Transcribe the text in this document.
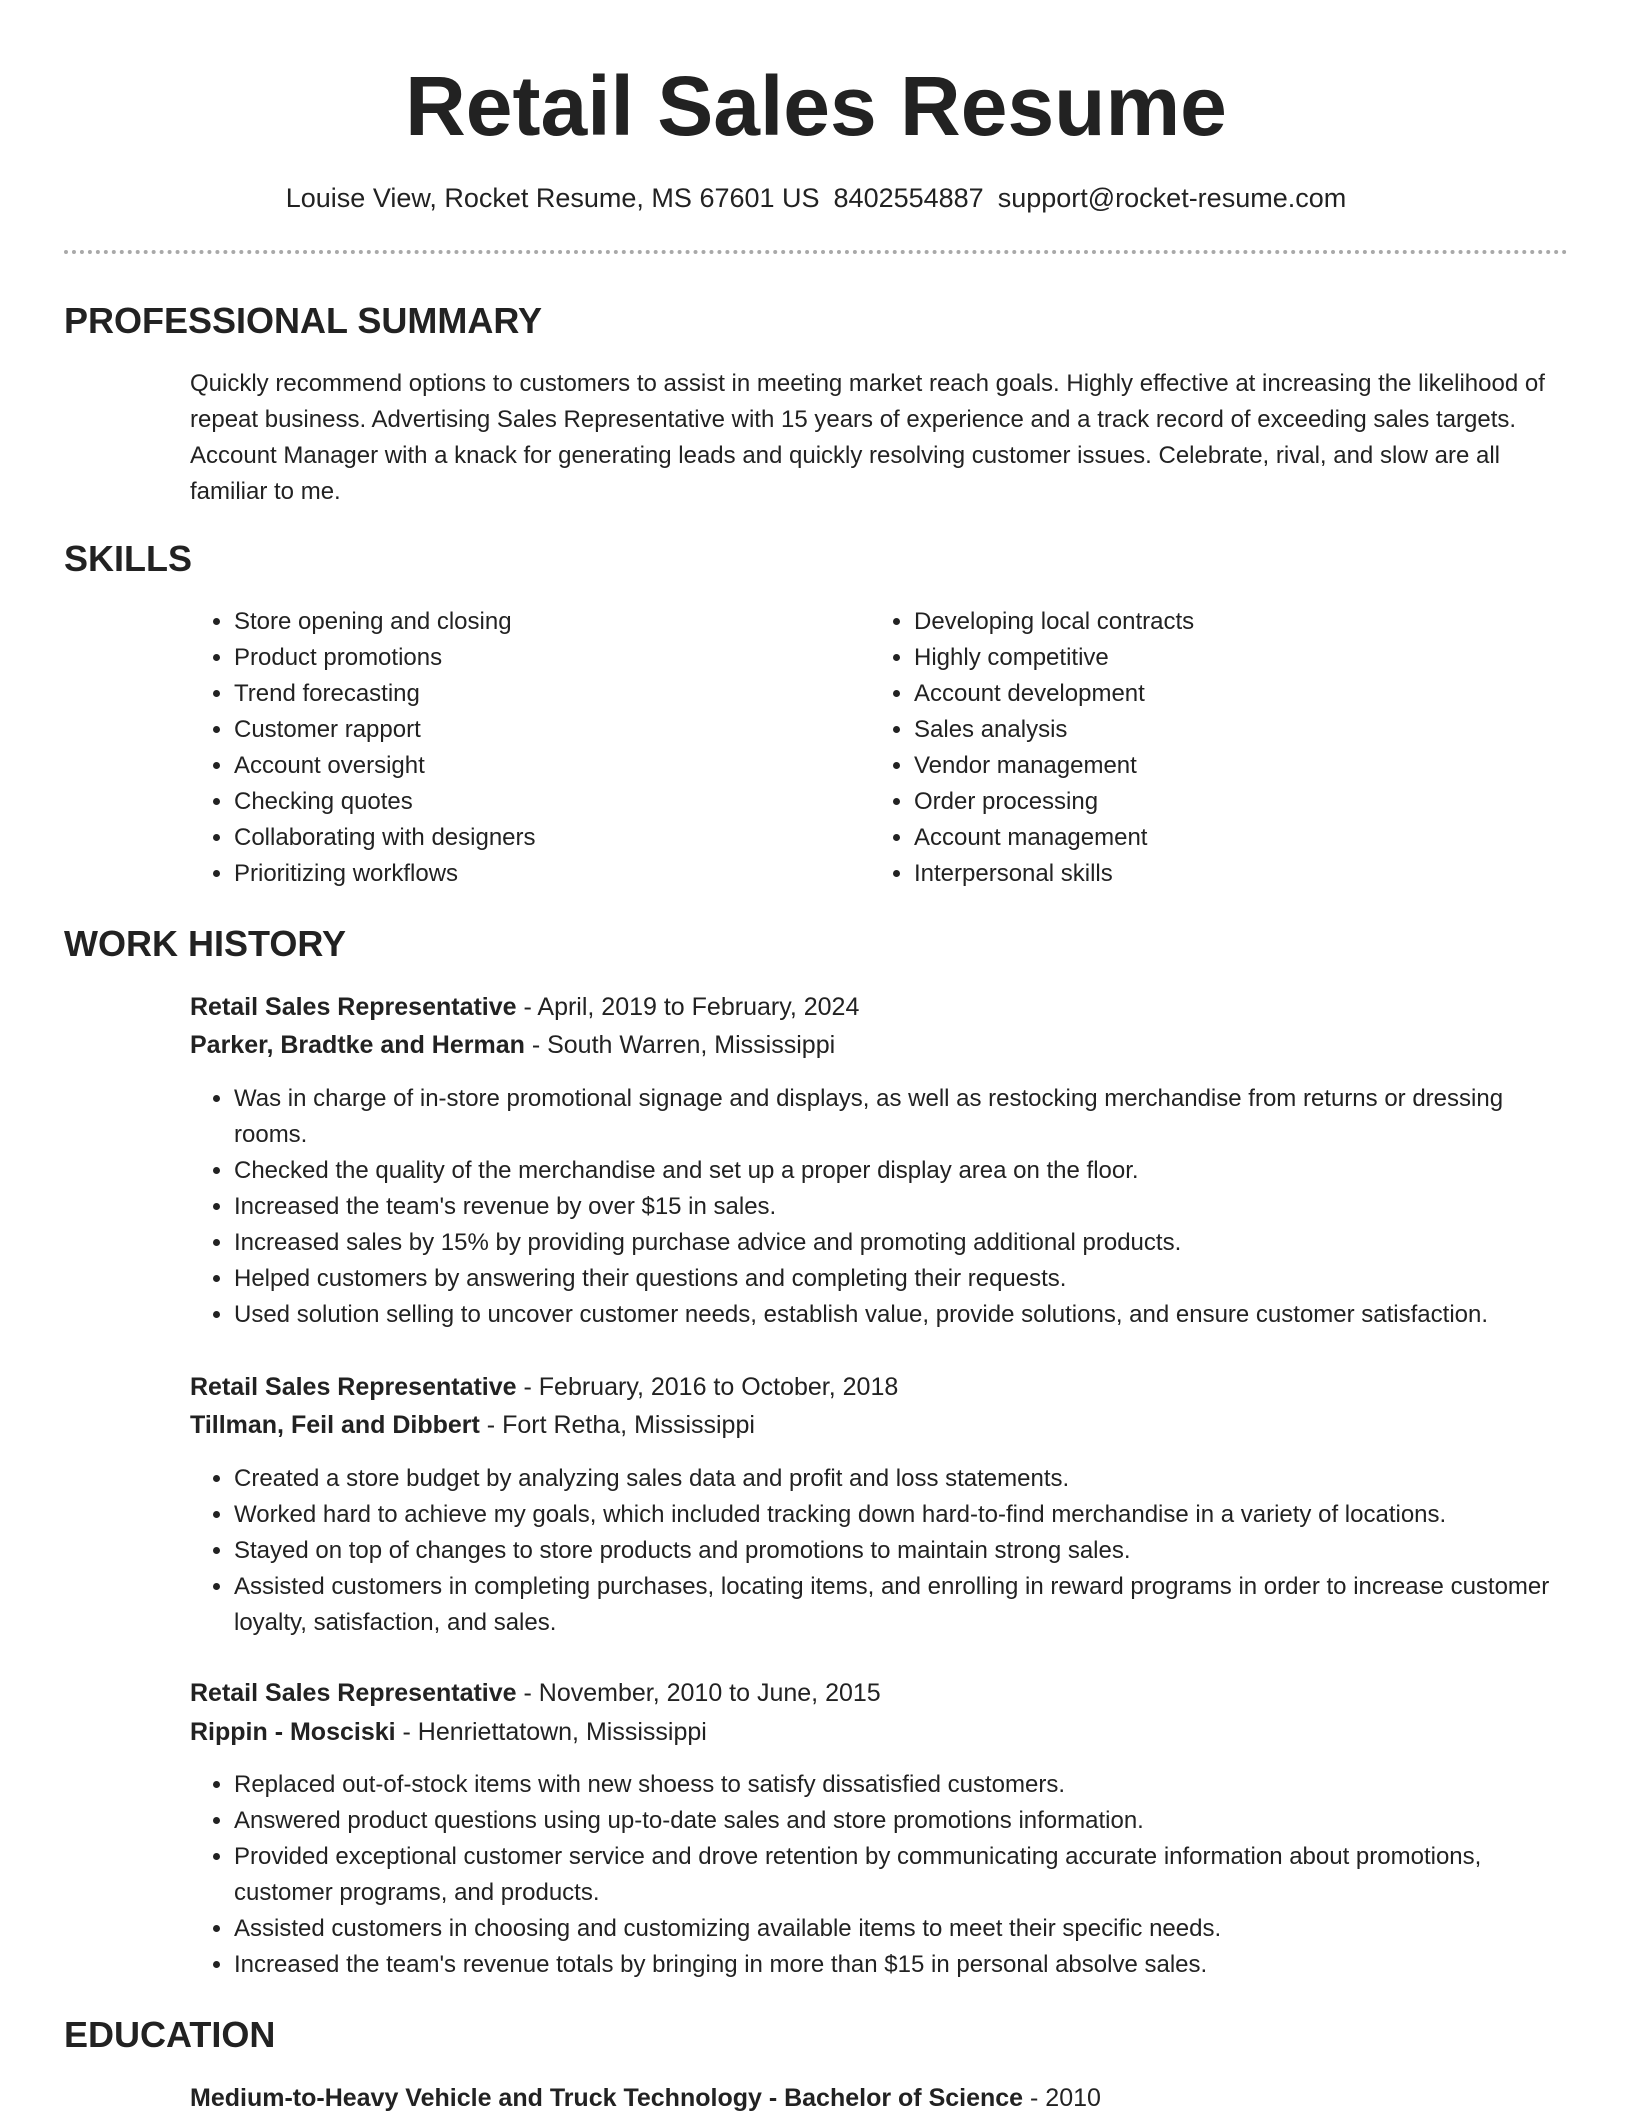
Retail Sales Resume
Louise View, Rocket Resume, MS 67601 US 8402554887 support@rocket-resume.com
PROFESSIONAL SUMMARY

Quickly recommend options to customers to assist in meeting market reach goals. Highly effective at increasing the likelihood of repeat business. Advertising Sales Representative with 15 years of experience and a track record of exceeding sales targets. Account Manager with a knack for generating leads and quickly resolving customer issues. Celebrate, rival, and slow are all familiar to me.

SKILLS
• Store opening and closing
• Product promotions
• Trend forecasting
• Customer rapport
• Account oversight
• Checking quotes
• Collaborating with designers
• Prioritizing workflows
• Developing local contracts
• Highly competitive
• Account development
• Sales analysis
• Vendor management
• Order processing
• Account management
• Interpersonal skills
WORK HISTORY
Retail Sales Representative - April, 2019 to February, 2024
Parker, Bradtke and Herman - South Warren, Mississippi
• Was in charge of in-store promotional signage and displays, as well as restocking merchandise from returns or dressing rooms.
• Checked the quality of the merchandise and set up a proper display area on the floor.
• Increased the team's revenue by over $15 in sales.
• Increased sales by 15% by providing purchase advice and promoting additional products.
• Helped customers by answering their questions and completing their requests.
• Used solution selling to uncover customer needs, establish value, provide solutions, and ensure customer satisfaction.
Retail Sales Representative - February, 2016 to October, 2018
Tillman, Feil and Dibbert - Fort Retha, Mississippi
• Created a store budget by analyzing sales data and profit and loss statements.
• Worked hard to achieve my goals, which included tracking down hard-to-find merchandise in a variety of locations.
• Stayed on top of changes to store products and promotions to maintain strong sales.
• Assisted customers in completing purchases, locating items, and enrolling in reward programs in order to increase customer loyalty, satisfaction, and sales.
Retail Sales Representative - November, 2010 to June, 2015
Rippin - Mosciski - Henriettatown, Mississippi
• Replaced out-of-stock items with new shoess to satisfy dissatisfied customers.
• Answered product questions using up-to-date sales and store promotions information.
• Provided exceptional customer service and drove retention by communicating accurate information about promotions, customer programs, and products.
• Assisted customers in choosing and customizing available items to meet their specific needs.
• Increased the team's revenue totals by bringing in more than $15 in personal absolve sales.
EDUCATION
Medium-to-Heavy Vehicle and Truck Technology - Bachelor of Science - 2010
